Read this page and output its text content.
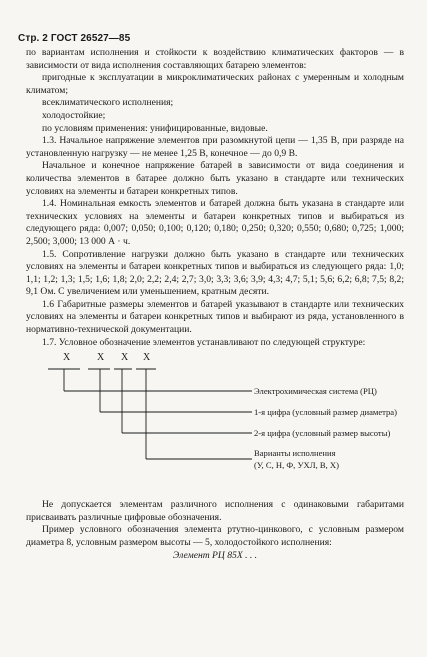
Стр. 2 ГОСТ 26527—85

по вариантам исполнения и стойкости к воздействию климатических факторов — в зависимости от вида исполнения составляющих батарею элементов:

пригодные к эксплуатации в микроклиматических районах с умеренным и холодным климатом;

всеклиматического исполнения;

холодостойкие;

по условиям применения: унифицированные, видовые.

1.3. Начальное напряжение элементов при разомкнутой цепи — 1,35 В, при разряде на установленную нагрузку — не менее 1,25 В, конечное — до 0,9 В.

Начальное и конечное напряжение батарей в зависимости от вида соединения и количества элементов в батарее должно быть указано в стандарте или технических условиях на элементы и батареи конкретных типов.

1.4. Номинальная емкость элементов и батарей должна быть указана в стандарте или технических условиях на элементы и батареи конкретных типов и выбираться из следующего ряда: 0,007; 0,050; 0,100; 0,120; 0,180; 0,250; 0,320; 0,550; 0,680; 0,725; 1,000; 2,500; 3,000; 13 000 А · ч.

1.5. Сопротивление нагрузки должно быть указано в стандарте или технических условиях на элементы и батареи конкретных типов и выбираться из следующего ряда: 1,0; 1,1; 1,2; 1,3; 1,5; 1,6; 1,8; 2,0; 2,2; 2,4; 2,7; 3,0; 3,3; 3,6; 3,9; 4,3; 4,7; 5,1; 5,6; 6,2; 6,8; 7,5; 8,2; 9,1 Ом. С увеличением или уменьшением, кратным десяти.

1.6 Габаритные размеры элементов и батарей указывают в стандарте или технических условиях на элементы и батареи конкретных типов и выбирают из ряда, установленного в нормативно-технической документации.

1.7. Условное обозначение элементов устанавливают по следующей структуре:

X	X X X
Электрохимическая система (РЦ)
1-я цифра (условный размер диаметра)
2-я цифра (условный размер высоты)
Варианты исполнения
(У, С, Н, Ф, УХЛ, В, Х)

Не допускается элементам различного исполнения с одинаковыми габаритами присваивать различные цифровые обозначения.

Пример условного обозначения элемента ртутно-цинкового, с условным размером диаметра 8, условным размером высоты — 5, холодостойкого исполнения:

Элемент РЦ 85Х . . .
